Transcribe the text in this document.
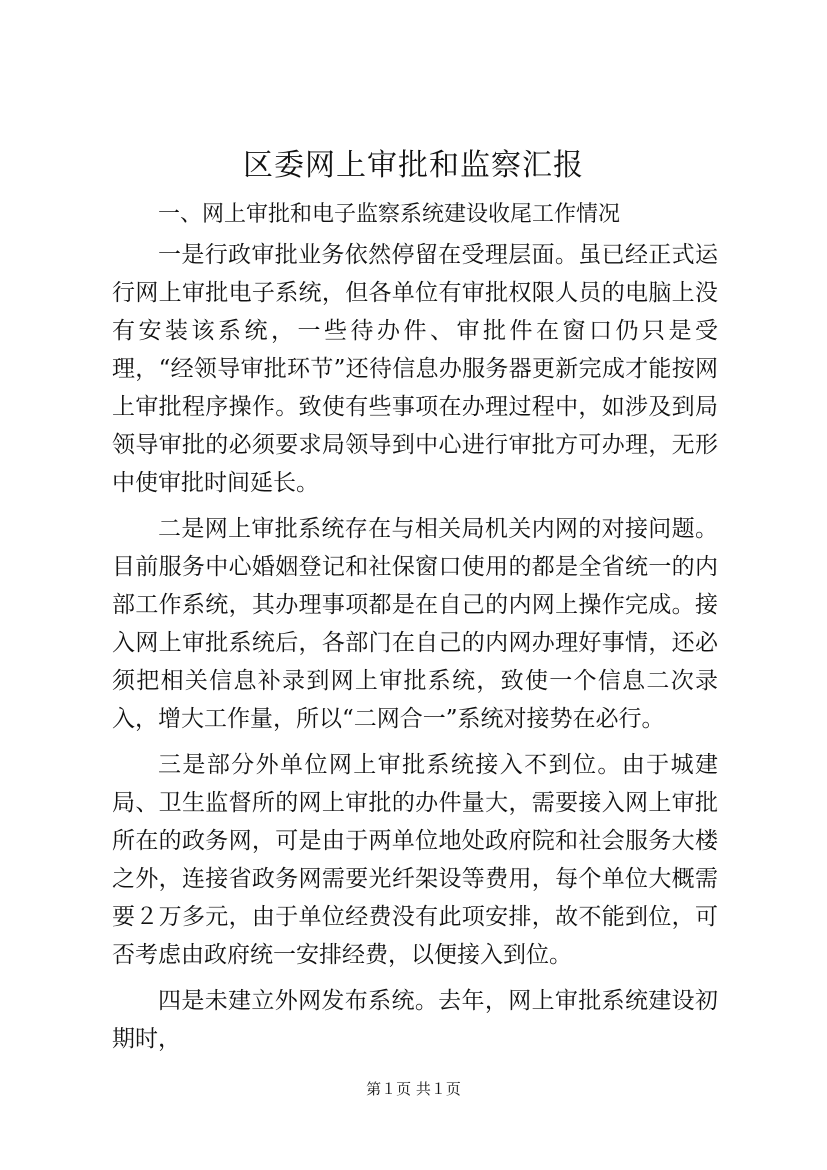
区委网上审批和监察汇报

一、网上审批和电子监察系统建设收尾工作情况

一是行政审批业务依然停留在受理层面。虽已经正式运行网上审批电子系统，但各单位有审批权限人员的电脑上没有安装该系统，一些待办件、审批件在窗口仍只是受理，“经领导审批环节”还待信息办服务器更新完成才能按网上审批程序操作。致使有些事项在办理过程中，如涉及到局领导审批的必须要求局领导到中心进行审批方可办理，无形中使审批时间延长。

二是网上审批系统存在与相关局机关内网的对接问题。目前服务中心婚姻登记和社保窗口使用的都是全省统一的内部工作系统，其办理事项都是在自己的内网上操作完成。接入网上审批系统后，各部门在自己的内网办理好事情，还必须把相关信息补录到网上审批系统，致使一个信息二次录入，增大工作量，所以“二网合一”系统对接势在必行。

三是部分外单位网上审批系统接入不到位。由于城建局、卫生监督所的网上审批的办件量大，需要接入网上审批所在的政务网，可是由于两单位地处政府院和社会服务大楼之外，连接省政务网需要光纤架设等费用，每个单位大概需要２万多元，由于单位经费没有此项安排，故不能到位，可否考虑由政府统一安排经费，以便接入到位。

四是未建立外网发布系统。去年，网上审批系统建设初期时，

第１页 共１页
